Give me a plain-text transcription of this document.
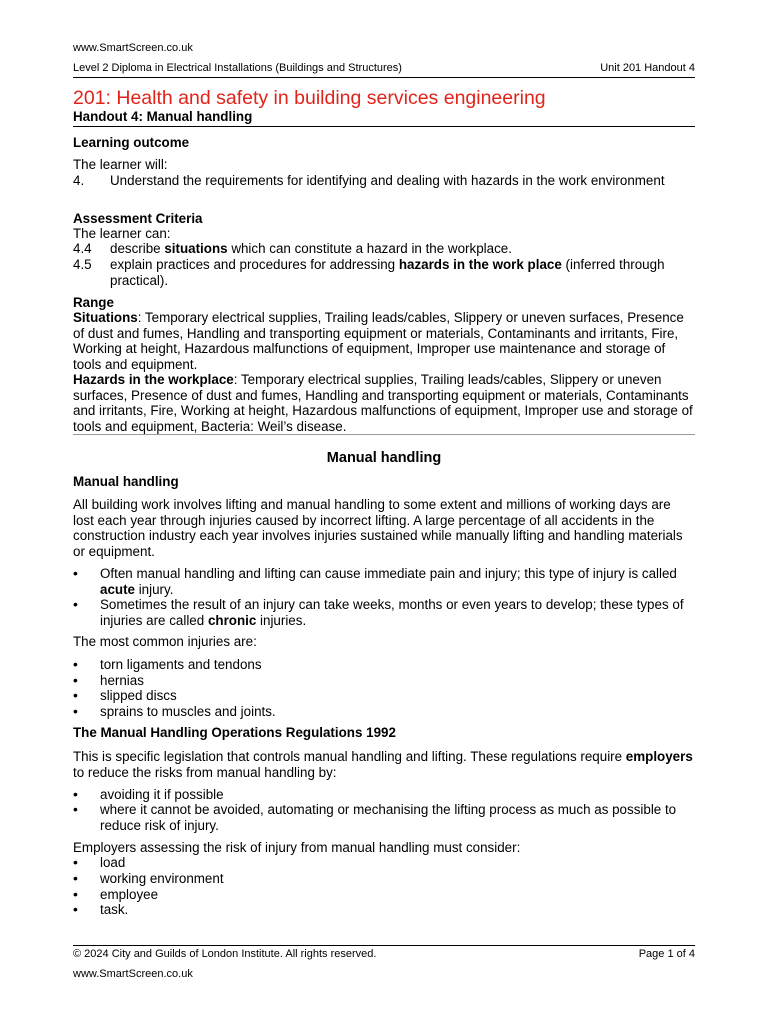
www.SmartScreen.co.uk
Level 2 Diploma in Electrical Installations (Buildings and Structures)	Unit 201 Handout 4
201: Health and safety in building services engineering
Handout 4: Manual handling
Learning outcome
The learner will:
4. Understand the requirements for identifying and dealing with hazards in the work environment
Assessment Criteria
The learner can:
4.4 describe situations which can constitute a hazard in the workplace.
4.5 explain practices and procedures for addressing hazards in the work place (inferred through practical).
Range
Situations: Temporary electrical supplies, Trailing leads/cables, Slippery or uneven surfaces, Presence of dust and fumes, Handling and transporting equipment or materials, Contaminants and irritants, Fire, Working at height, Hazardous malfunctions of equipment, Improper use maintenance and storage of tools and equipment.
Hazards in the workplace: Temporary electrical supplies, Trailing leads/cables, Slippery or uneven surfaces, Presence of dust and fumes, Handling and transporting equipment or materials, Contaminants and irritants, Fire, Working at height, Hazardous malfunctions of equipment, Improper use and storage of tools and equipment, Bacteria: Weil’s disease.
Manual handling
Manual handling
All building work involves lifting and manual handling to some extent and millions of working days are lost each year through injuries caused by incorrect lifting. A large percentage of all accidents in the construction industry each year involves injuries sustained while manually lifting and handling materials or equipment.
• Often manual handling and lifting can cause immediate pain and injury; this type of injury is called acute injury.
• Sometimes the result of an injury can take weeks, months or even years to develop; these types of injuries are called chronic injuries.
The most common injuries are:
• torn ligaments and tendons
• hernias
• slipped discs
• sprains to muscles and joints.
The Manual Handling Operations Regulations 1992
This is specific legislation that controls manual handling and lifting. These regulations require employers to reduce the risks from manual handling by:
• avoiding it if possible
• where it cannot be avoided, automating or mechanising the lifting process as much as possible to reduce risk of injury.
Employers assessing the risk of injury from manual handling must consider:
• load
• working environment
• employee
• task.
© 2024 City and Guilds of London Institute. All rights reserved.	Page 1 of 4
www.SmartScreen.co.uk
